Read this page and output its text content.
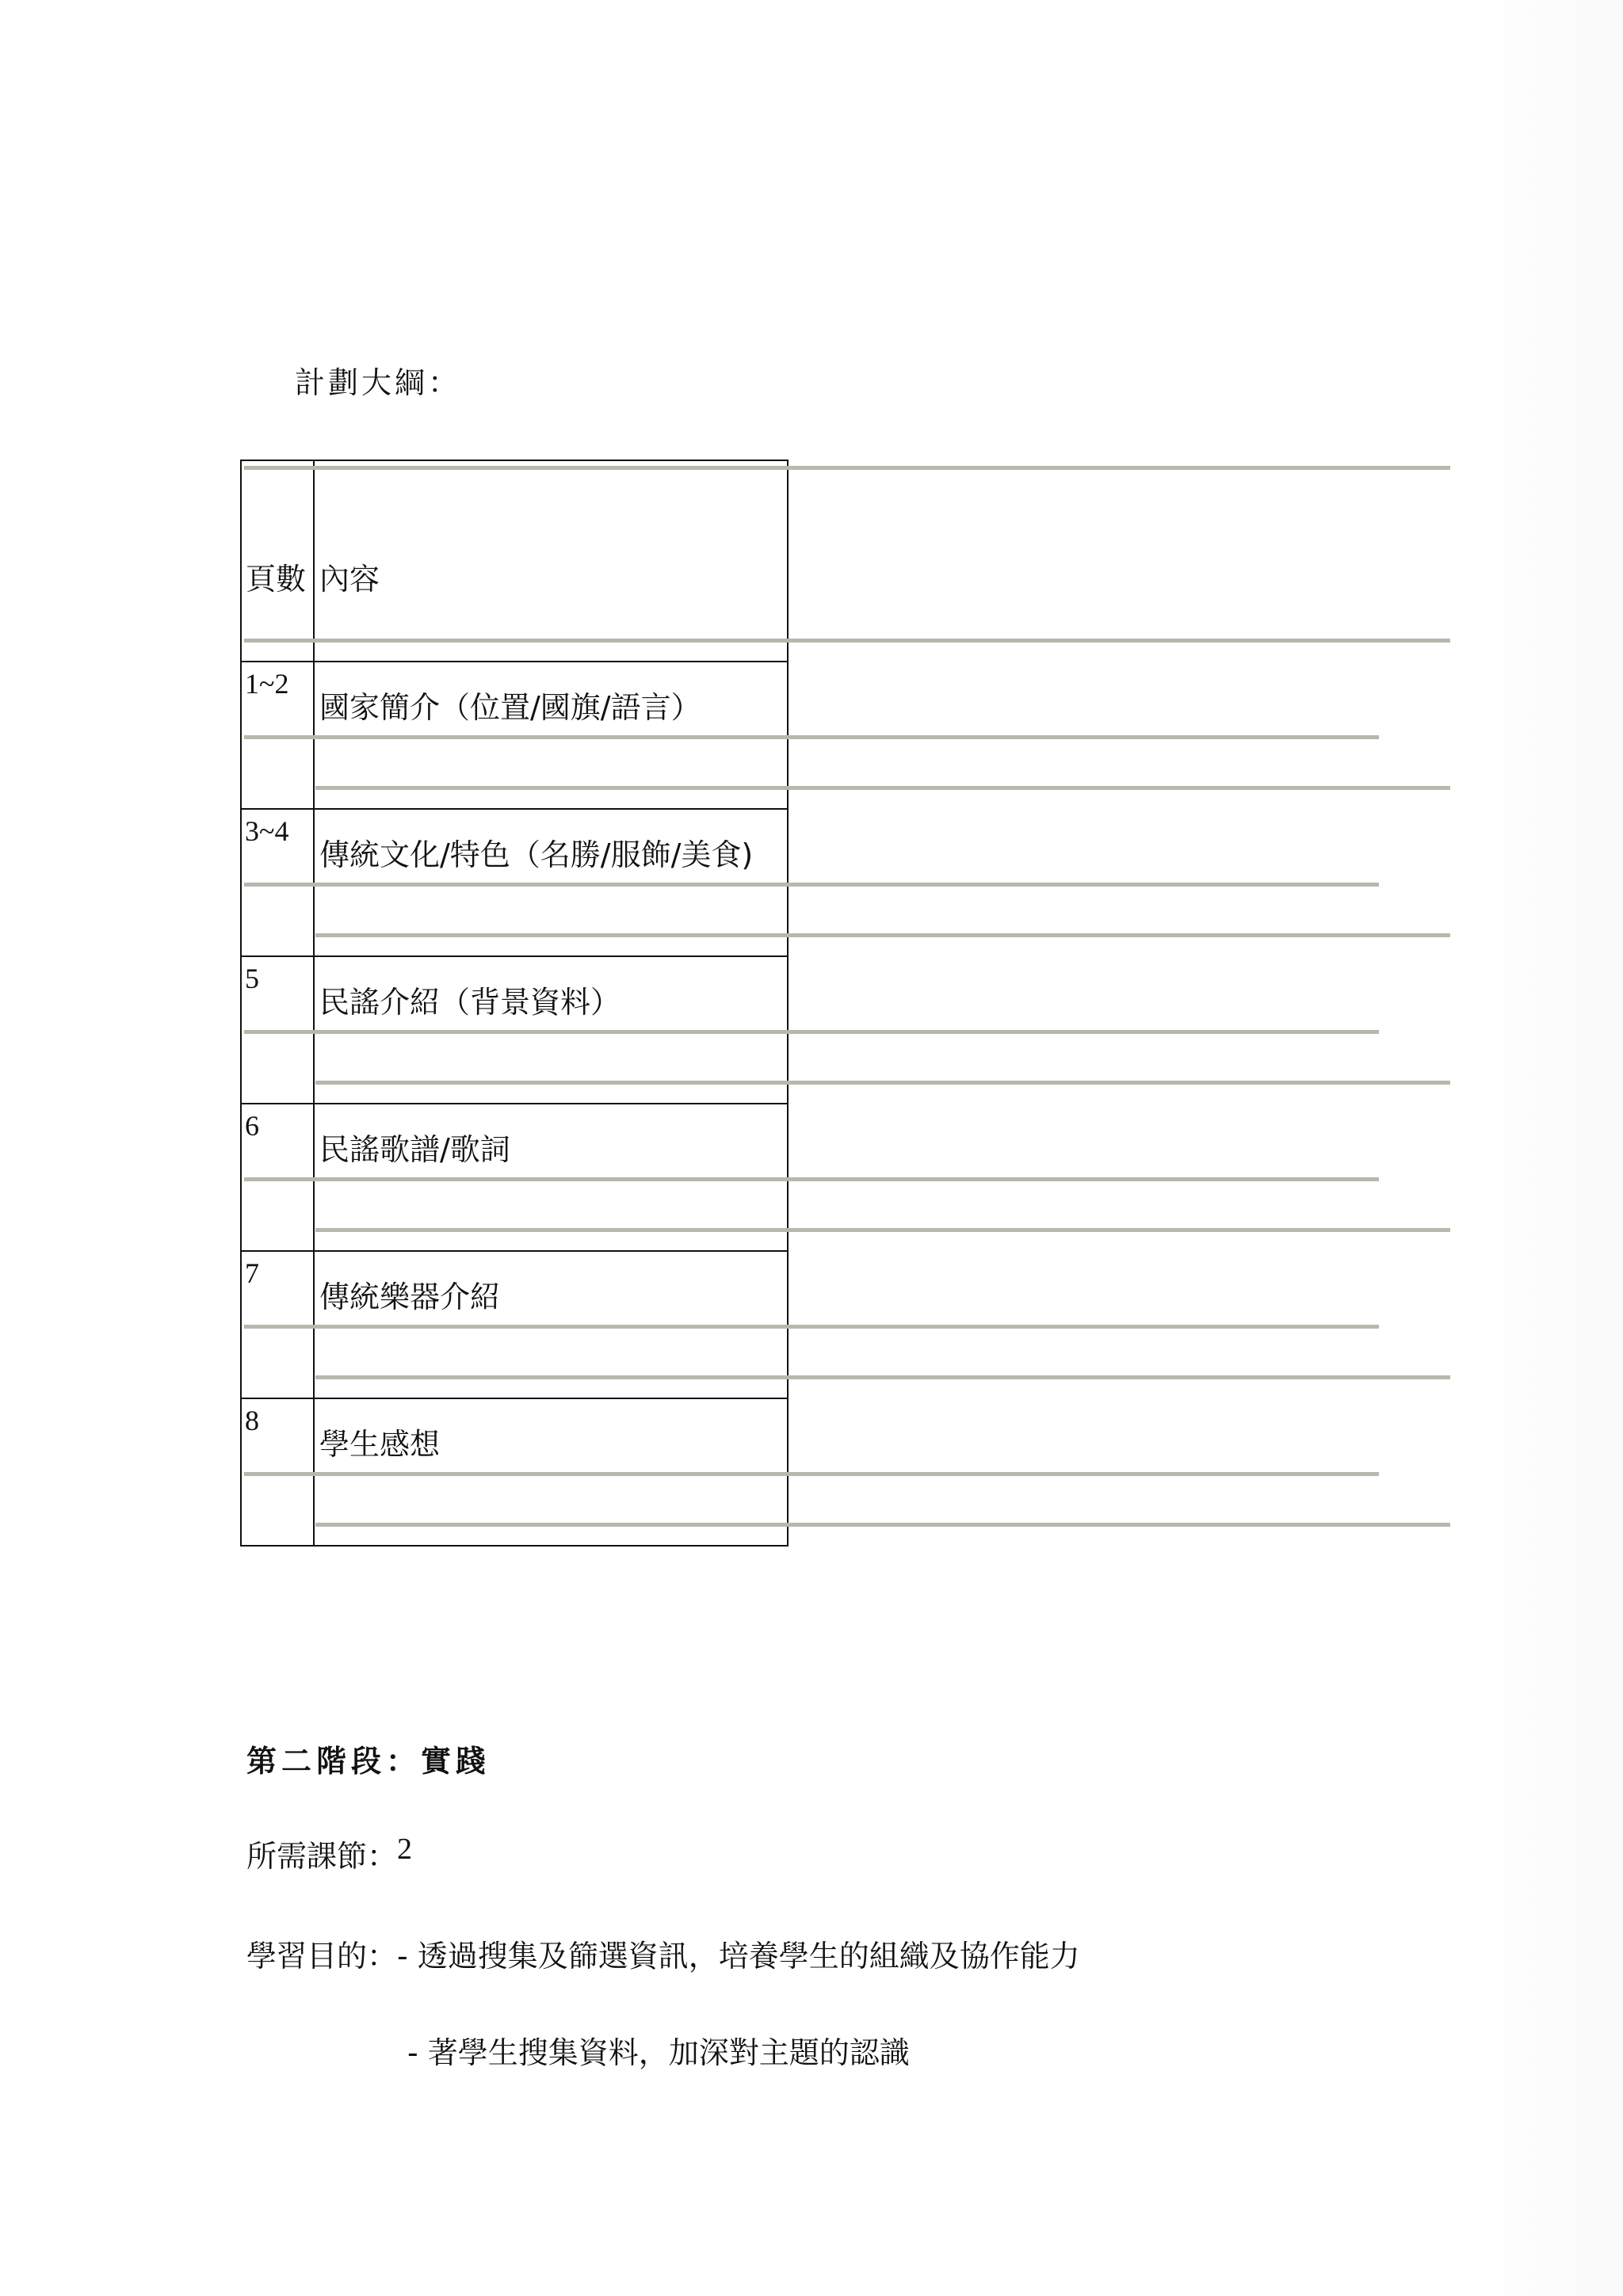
計劃大綱：
頁數 內容
1~2
國家簡介（位置/國旗/語言）
3~4
傳統文化/特色（名勝/服飾/美食)
5
民謠介紹（背景資料）
6
民謠歌譜/歌詞
7
傳統樂器介紹
8
學生感想
第二階段：實踐
所需課節：2
學習目的：- 透過搜集及篩選資訊，培養學生的組織及協作能力
- 著學生搜集資料，加深對主題的認識
